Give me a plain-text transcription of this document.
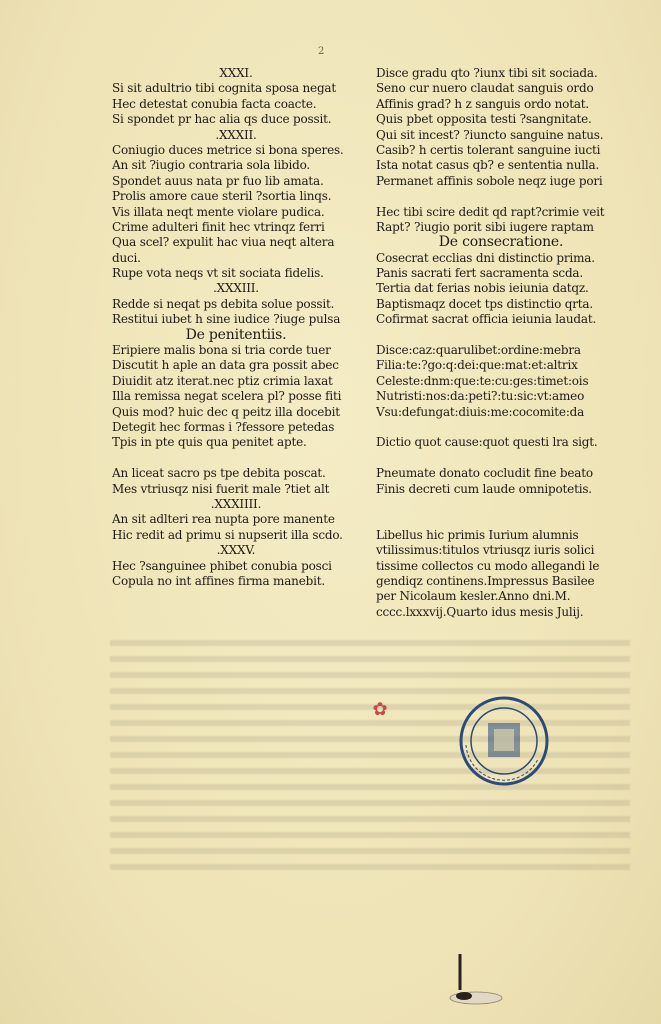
2
XXXI.
Si sit adultrio tibi cognita sposa negat
Hec detestat conubia facta coacte.
Si spondet pr hac alia qs duce possit.
.XXXII.
Coniugio duces metrice si bona speres.
An sit ?iugio contraria sola libido.
Spondet auus nata pr fuo lib amata.
Prolis amore caue steril ?sortia linqs.
Vis illata neqt mente violare pudica.
Crime adulteri finit hec vtrinqz ferri
Qua scel? expulit hac viua neqt altera
duci.
Rupe vota neqs vt sit sociata fidelis.
.XXXIII.
Redde si neqat ps debita solue possit.
Restitui iubet h sine iudice ?iuge pulsa
De penitentiis.
Eripiere malis bona si tria corde tuer
Discutit h aple an data gra possit abec
Diuidit atz iterat.nec ptiz crimia laxat
Illa remissa negat scelera pl? posse fiti
Quis mod? huic dec q peitz illa docebit
Detegit hec formas i ?fessore petedas
Tpis in pte quis qua penitet apte.
An liceat sacro ps tpe debita poscat.
Mes vtriusqz nisi fuerit male ?tiet alt
.XXXIIII.
An sit adlteri rea nupta pore manente
Hic redit ad primu si nupserit illa scdo.
.XXXV.
Hec ?sanguinee phibet conubia posci
Copula no int affines firma manebit.
Disce gradu qto ?iunx tibi sit sociada.
Seno cur nuero claudat sanguis ordo
Affinis grad? h z sanguis ordo notat.
Quis pbet opposita testi ?sangnitate.
Qui sit incest? ?iuncto sanguine natus.
Casib? h certis tolerant sanguine iucti
Ista notat casus qb? e sententia nulla.
Permanet affinis sobole neqz iuge pori
Hec tibi scire dedit qd rapt?crimie veit
Rapt? ?iugio porit sibi iugere raptam
De consecratione.
Cosecrat ecclias dni distinctio prima.
Panis sacrati fert sacramenta scda.
Tertia dat ferias nobis ieiunia datqz.
Baptismaqz docet tps distinctio qrta.
Cofirmat sacrat officia ieiunia laudat.
Disce:caz:quarulibet:ordine:mebra
Filia:te:?go:q:dei:que:mat:et:altrix
Celeste:dnm:que:te:cu:ges:timet:ois
Nutristi:nos:da:peti?:tu:sic:vt:ameo
Vsu:defungat:diuis:me:cocomite:da
Dictio quot cause:quot questi lra sigt.
Pneumate donato cocludit fine beato
Finis decreti cum laude omnipotetis.
Libellus hic primis Iurium alumnis
vtilissimus:titulos vtriusqz iuris solici
tissime collectos cu modo allegandi le
gendiqz continens.Impressus Basilee
per Nicolaum kesler.Anno dni.M.
cccc.lxxxvij.Quarto idus mesis Julij.
✿
